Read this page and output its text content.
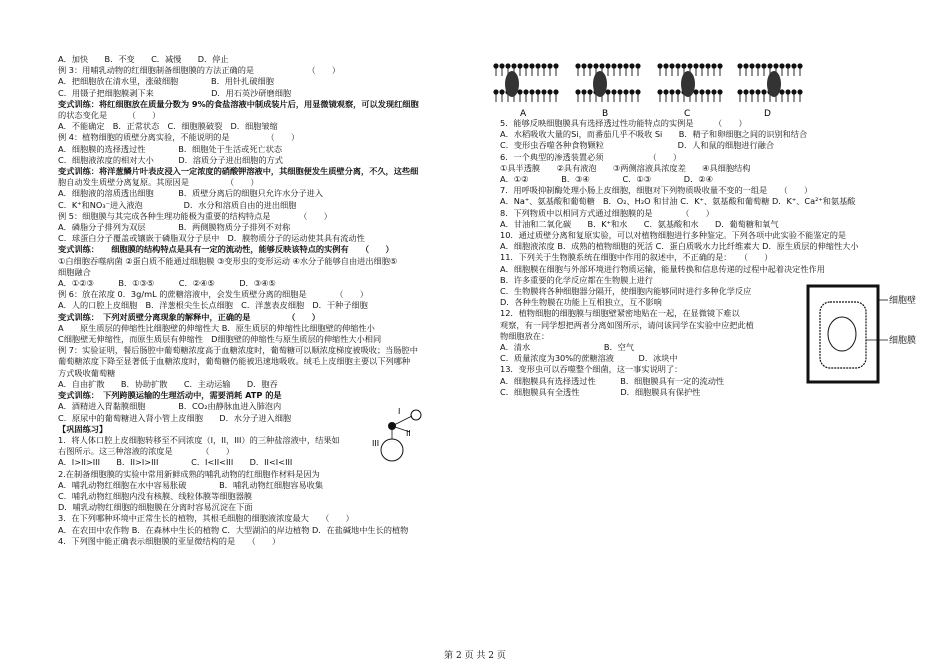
A．加快　　B．不变　　C．减慢　　D．停止
例 3：用哺乳动物的红细胞制备细胞膜的方法正确的是　　　　　　　（　　）
A．把细胞放在清水里，涨破细胞　　　　B．用针扎破细胞
C．用镊子把细胞膜剥下来　　　　　　　D．用石英沙研磨细胞
变式训练：将红细胞放在质量分数为 9%的食盐溶液中制成装片后，用显微镜观察，可以发现红细胞
的状态变化是　　　（　　）
A．不能确定　B．正常状态　C．细胞膜破裂　D．细胞皱缩
例 4：植物细胞的质壁分离实验，不能说明的是　　　　　（　　）
A．细胞膜的选择透过性　　　　B．细胞处于生活或死亡状态
C．细胞液浓度的相对大小　　　D．溶质分子进出细胞的方式
变式训练：将洋葱鳞片叶表皮浸入一定浓度的硝酸钾溶液中，其细胞便发生质壁分离，不久，这些细
胞自动发生质壁分离复原。其原因是　　　　　（　　）
A．细胞液的溶质透出细胞　　　B．质壁分离后的细胞只允许水分子进入
C．K⁺和NO₃⁻进入液泡　　　　　D．水分和溶质自由的进出细胞
例 5：细胞膜与其完成各种生理功能极为重要的结构特点是　　　　（　　）
A．磷脂分子排列为双层　　　　B．两侧膜物质分子排列不对称
C．球蛋白分子覆盖或镶嵌于磷脂双分子层中　D．膜物质分子的运动使其具有流动性
变式训练：　　细胞膜的结构特点是具有一定的流动性，能够反映该特点的实例有　　（　　）
①白细胞吞噬病菌 ②蛋白质不能通过细胞膜 ③变形虫的变形运动 ④水分子能够自由进出细胞⑤
细胞融合
A．①②③　　　B．①③⑤　　　C．②④⑤　　　D．③④⑤
例 6：放在浓度 0．3g/mL 的蔗糖溶液中，会发生质壁分离的细胞是　　　　（　　）
A．人的口腔上皮细胞　B．洋葱根尖生长点细胞　C．洋葱表皮细胞　D．干种子细胞
变式训练：　下列对质壁分离现象的解释中，正确的是　　　　　（　　）
A　　原生质层的伸缩性比细胞壁的伸缩性大 B．原生质层的伸缩性比细胞壁的伸缩性小
C细胞壁无伸缩性，而原生质层有伸缩性　D细胞壁的伸缩性与原生质层的伸缩性大小相同
例 7：实验证明，餐后肠腔中葡萄糖浓度高于血糖浓度时，葡萄糖可以顺浓度梯度被吸收；当肠腔中
葡萄糖浓度下降至显著低于血糖浓度时，葡萄糖仍能被迅速地吸收。绒毛上皮细胞主要以下列哪种
方式吸收葡萄糖
A．自由扩散　　B．协助扩散　　C．主动运输　　D．胞吞
变式训练：　下列跨膜运输的生理活动中，需要消耗 ATP 的是
A．酒精进入胃黏膜细胞　　　　B．CO₂由静脉血进入肺泡内
C．原尿中的葡萄糖进入肾小管上皮细胞　　D．水分子进入细胞
【巩固练习】
1．将人体口腔上皮细胞转移至不同浓度（I，II，III）的三种盐溶液中，结果如
右图所示。这三种溶液的浓度是　　　　（　　）
A．I>II>III　　B．II>I>III　　　　C．I<II<III　　D．II<I<III
2.在制备细胞膜的实验中常用新鲜成熟的哺乳动物的红细胞作材料是因为
A．哺乳动物红细胞在水中容易胀破　　　　B．哺乳动物红细胞容易收集
C．哺乳动物红细胞内没有核膜、线粒体膜等细胞器膜
D．哺乳动物红细胞的细胞膜在分离时容易沉淀在下面
3．在下列哪种环境中正常生长的植物，其根毛细胞的细胞液浓度最大　　（　　）
A．在农田中农作物 B．在森林中生长的植物 C．大型湖泊的岸边植物 D．在盐碱地中生长的植物
4．下列图中能正确表示细胞膜的亚显微结构的是　　（　　）
5．能够反映细胞膜具有选择透过性功能特点的实例是　　　（　　）
A．水稻吸收大量的Si，而番茄几乎不吸收 Si　　B．精子和卵细胞之间的识别和结合
C．变形虫吞噬各种食物颗粒　　　　　　　　　D．人和鼠的细胞进行融合
6．一个典型的渗透装置必须　　　　　　（　　）
①具半透膜　　②具有液泡　　③两侧溶液具浓度差　　④具细胞结构
A．①②　　　　B．③④　　　　C．①③　　　　D．②④
7．用呼吸抑制酶处理小肠上皮细胞，细胞对下列物质吸收量不变的一组是　　（　　）
A．Na⁺、氨基酸和葡萄糖　B．O₂、H₂O 和甘油 C．K⁺、氨基酸和葡萄糖 D．K⁺、Ca²⁺和氨基酸
8．下列物质中以相同方式通过细胞膜的是　　　　（　　）
A．甘油和二氧化碳　　B．K⁺和水　　C．氨基酸和水　　D．葡萄糖和氧气
10．通过质壁分离和复原实验，可以对植物细胞进行多种鉴定。下列各项中此实验不能鉴定的是
A．细胞液浓度 B．成熟的植物细胞的死活 C．蛋白质吸水力比纤维素大 D．原生质层的伸缩性大小
11．下列关于生物膜系统在细胞中作用的叙述中，不正确的是：　　（　　）
A．细胞膜在细胞与外部环境进行物质运输，能量转换和信息传递的过程中起着决定性作用
B．许多重要的化学反应都在生物膜上进行
C．生物膜将各种细胞器分隔开，使细胞内能够同时进行多种化学反应
D．各种生物膜在功能上互相独立，互不影响
12．植物细胞的细胞膜与细胞壁紧密地贴在一起，在显微镜下难以
观察，有一同学想把两者分离如图所示，请问该同学在实验中应把此植
物细胞放在：
A．清水　　　　　　　　　B．空气
C．质量浓度为30%的蔗糖溶液　　　D．冰块中
13．变形虫可以吞噬整个细菌，这一事实说明了：
A．细胞膜具有选择透过性　　　B．细胞膜具有一定的流动性
C．细胞膜具有全透性　　　　　D．细胞膜具有保护性
A	B	C	D
细胞壁
细胞膜
I
II
III
第 2 页 共 2 页
